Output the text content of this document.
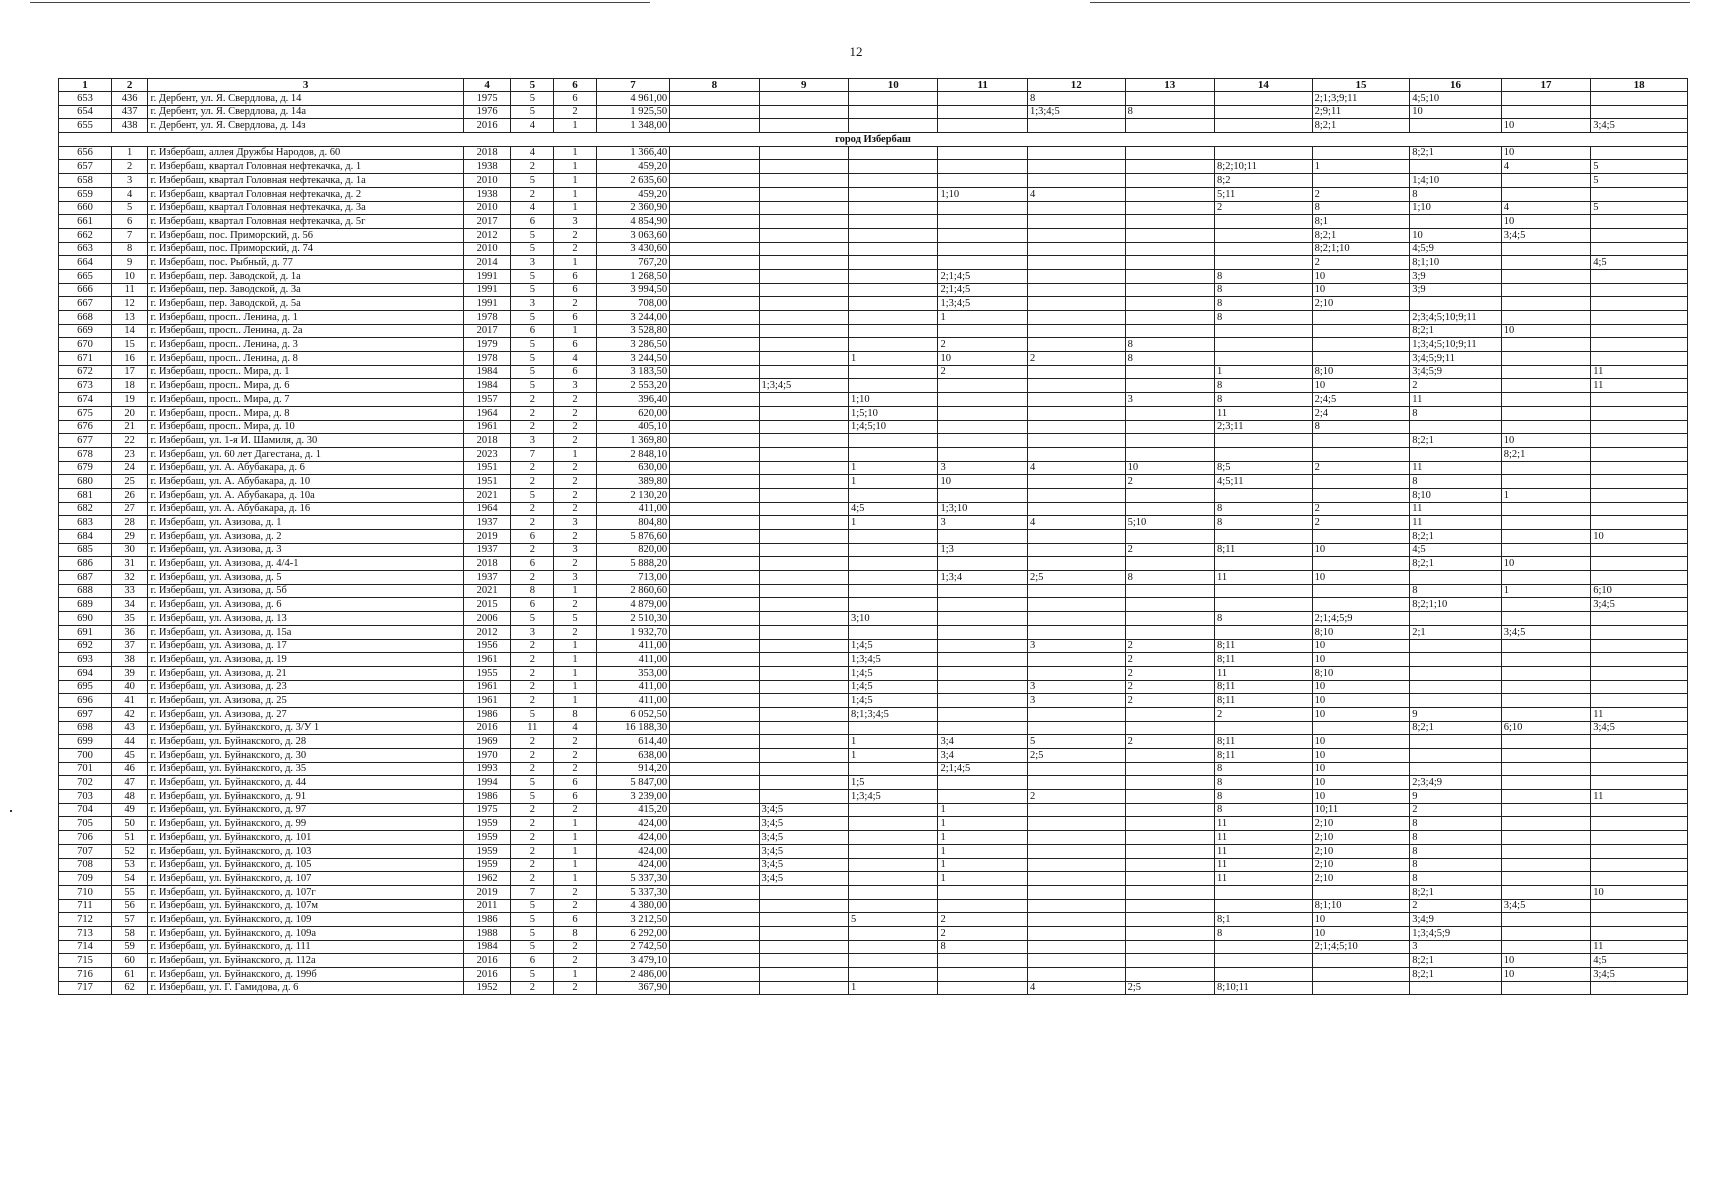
12
1	2	3	4	5	6	7	8	9	10	11	12	13	14	15	16	17	18
653	436	г. Дербент, ул. Я. Свердлова, д. 14	1975	5	6	4 961,00					8			2;1;3;9;11	4;5;10		
654	437	г. Дербент, ул. Я. Свердлова, д. 14а	1976	5	2	1 925,50					1;3;4;5	8		2;9;11	10		
655	438	г. Дербент, ул. Я. Свердлова, д. 14з	2016	4	1	1 348,00								8;2;1		10	3;4;5
город Избербаш																	
656	1	г. Избербаш, аллея Дружбы Народов, д. 60	2018	4	1	1 366,40									8;2;1	10	
657	2	г. Избербаш, квартал Головная нефтекачка, д. 1	1938	2	1	459,20							8;2;10;11	1		4	5
658	3	г. Избербаш, квартал Головная нефтекачка, д. 1а	2010	5	1	2 635,60							8;2		1;4;10		5
659	4	г. Избербаш, квартал Головная нефтекачка, д. 2	1938	2	1	459,20				1;10	4		5;11	2	8		
660	5	г. Избербаш, квартал Головная нефтекачка, д. 3а	2010	4	1	2 360,90							2	8	1;10	4	5
661	6	г. Избербаш, квартал Головная нефтекачка, д. 5г	2017	6	3	4 854,90								8;1		10	
662	7	г. Избербаш, пос. Приморский, д. 56	2012	5	2	3 063,60								8;2;1	10	3;4;5	
663	8	г. Избербаш, пос. Приморский, д. 74	2010	5	2	3 430,60								8;2;1;10	4;5;9		
664	9	г. Избербаш, пос. Рыбный, д. 77	2014	3	1	767,20								2	8;1;10		4;5
665	10	г. Избербаш, пер. Заводской, д. 1а	1991	5	6	1 268,50				2;1;4;5			8	10	3;9		
666	11	г. Избербаш, пер. Заводской, д. 3а	1991	5	6	3 994,50				2;1;4;5			8	10	3;9		
667	12	г. Избербаш, пер. Заводской, д. 5а	1991	3	2	708,00				1;3;4;5			8	2;10			
668	13	г. Избербаш, просп.. Ленина, д. 1	1978	5	6	3 244,00				1			8		2;3;4;5;10;9;11		
669	14	г. Избербаш, просп.. Ленина, д. 2а	2017	6	1	3 528,80									8;2;1	10	
670	15	г. Избербаш, просп.. Ленина, д. 3	1979	5	6	3 286,50				2		8			1;3;4;5;10;9;11		
671	16	г. Избербаш, просп.. Ленина, д. 8	1978	5	4	3 244,50			1	10	2	8			3;4;5;9;11		
672	17	г. Избербаш, просп.. Мира, д. 1	1984	5	6	3 183,50				2			1	8;10	3;4;5;9		11
673	18	г. Избербаш, просп.. Мира, д. 6	1984	5	3	2 553,20		1;3;4;5					8	10	2		11
674	19	г. Избербаш, просп.. Мира, д. 7	1957	2	2	396,40			1;10			3	8	2;4;5	11		
675	20	г. Избербаш, просп.. Мира, д. 8	1964	2	2	620,00			1;5;10				11	2;4	8		
676	21	г. Избербаш, просп.. Мира, д. 10	1961	2	2	405,10			1;4;5;10				2;3;11	8			
677	22	г. Избербаш, ул. 1-я И. Шамиля, д. 30	2018	3	2	1 369,80									8;2;1	10	
678	23	г. Избербаш, ул. 60 лет Дагестана, д. 1	2023	7	1	2 848,10										8;2;1	
679	24	г. Избербаш, ул. А. Абубакара, д. 6	1951	2	2	630,00			1	3	4	10	8;5	2	11		
680	25	г. Избербаш, ул. А. Абубакара, д. 10	1951	2	2	389,80			1	10		2	4;5;11		8		
681	26	г. Избербаш, ул. А. Абубакара, д. 10а	2021	5	2	2 130,20									8;10	1	
682	27	г. Избербаш, ул. А. Абубакара, д. 16	1964	2	2	411,00			4;5	1;3;10			8	2	11		
683	28	г. Избербаш, ул. Азизова, д. 1	1937	2	3	804,80			1	3	4	5;10	8	2	11		
684	29	г. Избербаш, ул. Азизова, д. 2	2019	6	2	5 876,60									8;2;1		10
685	30	г. Избербаш, ул. Азизова, д. 3	1937	2	3	820,00				1;3		2	8;11	10	4;5		
686	31	г. Избербаш, ул. Азизова, д. 4/4-1	2018	6	2	5 888,20									8;2;1	10	
687	32	г. Избербаш, ул. Азизова, д. 5	1937	2	3	713,00				1;3;4	2;5	8	11	10			
688	33	г. Избербаш, ул. Азизова, д. 5б	2021	8	1	2 860,60									8	1	6;10
689	34	г. Избербаш, ул. Азизова, д. 6	2015	6	2	4 879,00									8;2;1;10		3;4;5
690	35	г. Избербаш, ул. Азизова, д. 13	2006	5	5	2 510,30			3;10				8	2;1;4;5;9			
691	36	г. Избербаш, ул. Азизова, д. 15а	2012	3	2	1 932,70								8;10	2;1	3;4;5	
692	37	г. Избербаш, ул. Азизова, д. 17	1956	2	1	411,00			1;4;5		3	2	8;11	10			
693	38	г. Избербаш, ул. Азизова, д. 19	1961	2	1	411,00			1;3;4;5			2	8;11	10			
694	39	г. Избербаш, ул. Азизова, д. 21	1955	2	1	353,00			1;4;5			2	11	8;10			
695	40	г. Избербаш, ул. Азизова, д. 23	1961	2	1	411,00			1;4;5		3	2	8;11	10			
696	41	г. Избербаш, ул. Азизова, д. 25	1961	2	1	411,00			1;4;5		3	2	8;11	10			
697	42	г. Избербаш, ул. Азизова, д. 27	1986	5	8	6 052,50			8;1;3;4;5				2	10	9		11
698	43	г. Избербаш, ул. Буйнакского, д. 3/У 1	2016	11	4	16 188,30									8;2;1	6;10	3;4;5
699	44	г. Избербаш, ул. Буйнакского, д. 28	1969	2	2	614,40			1	3;4	5	2	8;11	10			
700	45	г. Избербаш, ул. Буйнакского, д. 30	1970	2	2	638,00			1	3;4	2;5		8;11	10			
701	46	г. Избербаш, ул. Буйнакского, д. 35	1993	2	2	914,20				2;1;4;5			8	10			
702	47	г. Избербаш, ул. Буйнакского, д. 44	1994	5	6	5 847,00			1;5				8	10	2;3;4;9		
703	48	г. Избербаш, ул. Буйнакского, д. 91	1986	5	6	3 239,00			1;3;4;5		2		8	10	9		11
704	49	г. Избербаш, ул. Буйнакского, д. 97	1975	2	2	415,20		3;4;5		1			8	10;11	2		
705	50	г. Избербаш, ул. Буйнакского, д. 99	1959	2	1	424,00		3;4;5		1			11	2;10	8		
706	51	г. Избербаш, ул. Буйнакского, д. 101	1959	2	1	424,00		3;4;5		1			11	2;10	8		
707	52	г. Избербаш, ул. Буйнакского, д. 103	1959	2	1	424,00		3;4;5		1			11	2;10	8		
708	53	г. Избербаш, ул. Буйнакского, д. 105	1959	2	1	424,00		3;4;5		1			11	2;10	8		
709	54	г. Избербаш, ул. Буйнакского, д. 107	1962	2	1	5 337,30		3;4;5		1			11	2;10	8		
710	55	г. Избербаш, ул. Буйнакского, д. 107г	2019	7	2	5 337,30									8;2;1		10
711	56	г. Избербаш, ул. Буйнакского, д. 107м	2011	5	2	4 380,00								8;1;10	2	3;4;5	
712	57	г. Избербаш, ул. Буйнакского, д. 109	1986	5	6	3 212,50			5	2			8;1	10	3;4;9		
713	58	г. Избербаш, ул. Буйнакского, д. 109а	1988	5	8	6 292,00				2			8	10	1;3;4;5;9		
714	59	г. Избербаш, ул. Буйнакского, д. 111	1984	5	2	2 742,50				8				2;1;4;5;10	3		11
715	60	г. Избербаш, ул. Буйнакского, д. 112а	2016	6	2	3 479,10									8;2;1	10	4;5
716	61	г. Избербаш, ул. Буйнакского, д. 199б	2016	5	1	2 486,00									8;2;1	10	3;4;5
717	62	г. Избербаш, ул. Г. Гамидова, д. 6	1952	2	2	367,90			1		4	2;5	8;10;11				
